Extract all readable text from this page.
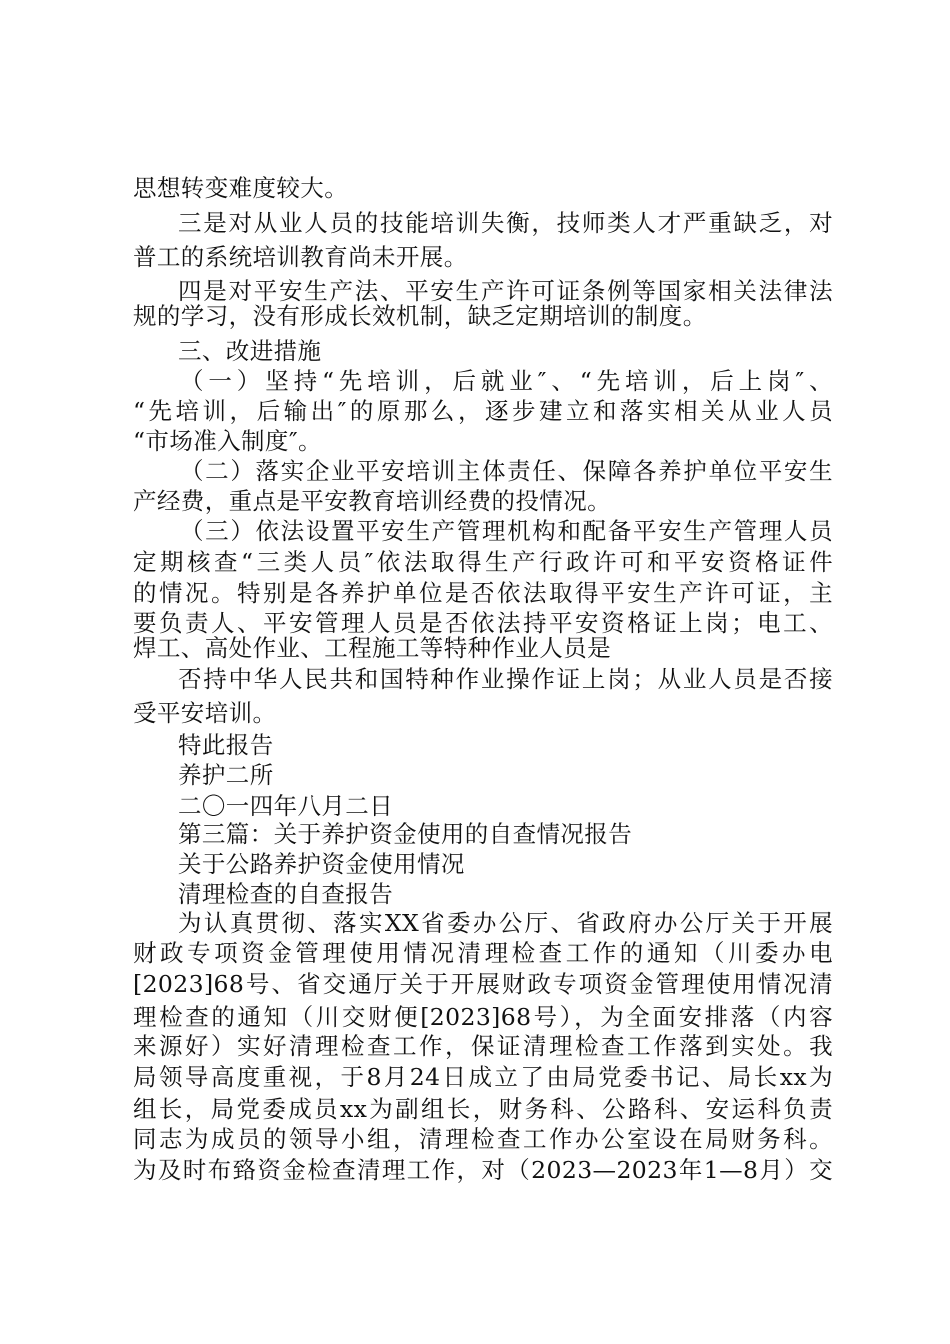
思想转变难度较大。
三是对从业人员的技能培训失衡，技师类人才严重缺乏，对
普工的系统培训教育尚未开展。
四是对平安生产法、平安生产许可证条例等国家相关法律法
规的学习，没有形成长效机制，缺乏定期培训的制度。
三、改进措施
（一）坚持“先培训，后就业″、“先培训，后上岗″、
“先培训，后输出″的原那么，逐步建立和落实相关从业人员
“市场准入制度″。
（二）落实企业平安培训主体责任、保障各养护单位平安生
产经费，重点是平安教育培训经费的投情况。
（三）依法设置平安生产管理机构和配备平安生产管理人员
定期核查“三类人员″依法取得生产行政许可和平安资格证件
的情况。特别是各养护单位是否依法取得平安生产许可证，主
要负责人、平安管理人员是否依法持平安资格证上岗；电工、
焊工、高处作业、工程施工等特种作业人员是
否持中华人民共和国特种作业操作证上岗；从业人员是否接
受平安培训。
特此报告
养护二所
二〇一四年八月二日
第三篇：关于养护资金使用的自查情况报告
关于公路养护资金使用情况
清理检查的自查报告
为认真贯彻、落实XX省委办公厅、省政府办公厅关于开展
财政专项资金管理使用情况清理检查工作的通知（川委办电
[2023]68号、省交通厅关于开展财政专项资金管理使用情况清
理检查的通知（川交财便[2023]68号），为全面安排落（内容
来源好）实好清理检查工作，保证清理检查工作落到实处。我
局领导高度重视，于8月24日成立了由局党委书记、局长xx为
组长，局党委成员xx为副组长，财务科、公路科、安运科负责
同志为成员的领导小组，清理检查工作办公室设在局财务科。
为及时布臵资金检查清理工作，对（2023—2023年1—8月）交
